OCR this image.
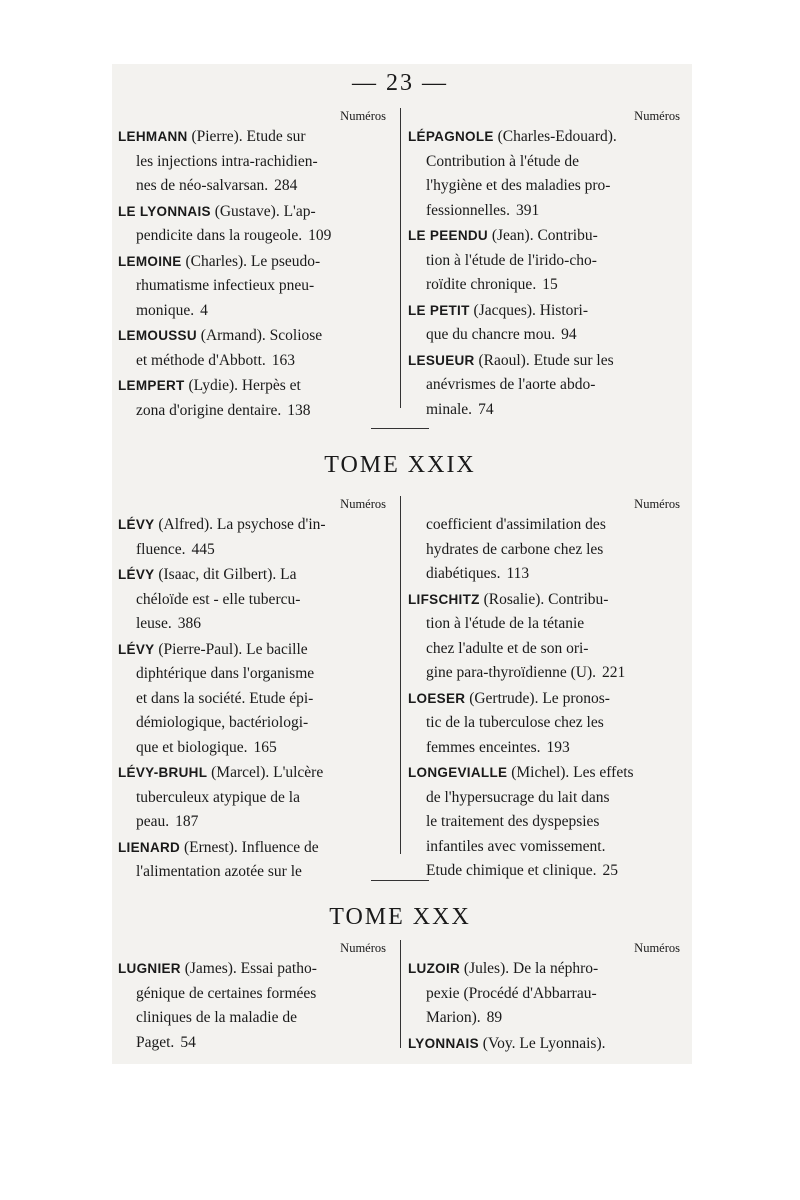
— 23 —
Numéros
LEHMANN (Pierre). Etude sur
les injections intra-rachidien-
nes de néo-salvarsan. 284
LE LYONNAIS (Gustave). L'ap-
pendicite dans la rougeole. 109
LEMOINE (Charles). Le pseudo-
rhumatisme infectieux pneu-
monique. 4
LEMOUSSU (Armand). Scoliose
et méthode d'Abbott. 163
LEMPERT (Lydie). Herpès et
zona d'origine dentaire. 138
Numéros
LÉPAGNOLE (Charles-Edouard).
Contribution à l'étude de
l'hygiène et des maladies pro-
fessionnelles. 391
LE PEENDU (Jean). Contribu-
tion à l'étude de l'irido-cho-
roïdite chronique. 15
LE PETIT (Jacques). Histori-
que du chancre mou. 94
LESUEUR (Raoul). Etude sur les
anévrismes de l'aorte abdo-
minale. 74
TOME XXIX
Numéros
LÉVY (Alfred). La psychose d'in-
fluence. 445
LÉVY (Isaac, dit Gilbert). La
chéloïde est - elle tubercu-
leuse. 386
LÉVY (Pierre-Paul). Le bacille
diphtérique dans l'organisme
et dans la société. Etude épi-
démiologique, bactériologi-
que et biologique. 165
LÉVY-BRUHL (Marcel). L'ulcère
tuberculeux atypique de la
peau. 187
LIENARD (Ernest). Influence de
l'alimentation azotée sur le
Numéros
coefficient d'assimilation des
hydrates de carbone chez les
diabétiques. 113
LIFSCHITZ (Rosalie). Contribu-
tion à l'étude de la tétanie
chez l'adulte et de son ori-
gine para-thyroïdienne (U). 221
LOESER (Gertrude). Le pronos-
tic de la tuberculose chez les
femmes enceintes. 193
LONGEVIALLE (Michel). Les effets
de l'hypersucrage du lait dans
le traitement des dyspepsies
infantiles avec vomissement.
Etude chimique et clinique. 25
TOME XXX
Numéros
LUGNIER (James). Essai patho-
génique de certaines formées
cliniques de la maladie de
Paget. 54
Numéros
LUZOIR (Jules). De la néphro-
pexie (Procédé d'Abbarrau-
Marion). 89
LYONNAIS (Voy. Le Lyonnais).
